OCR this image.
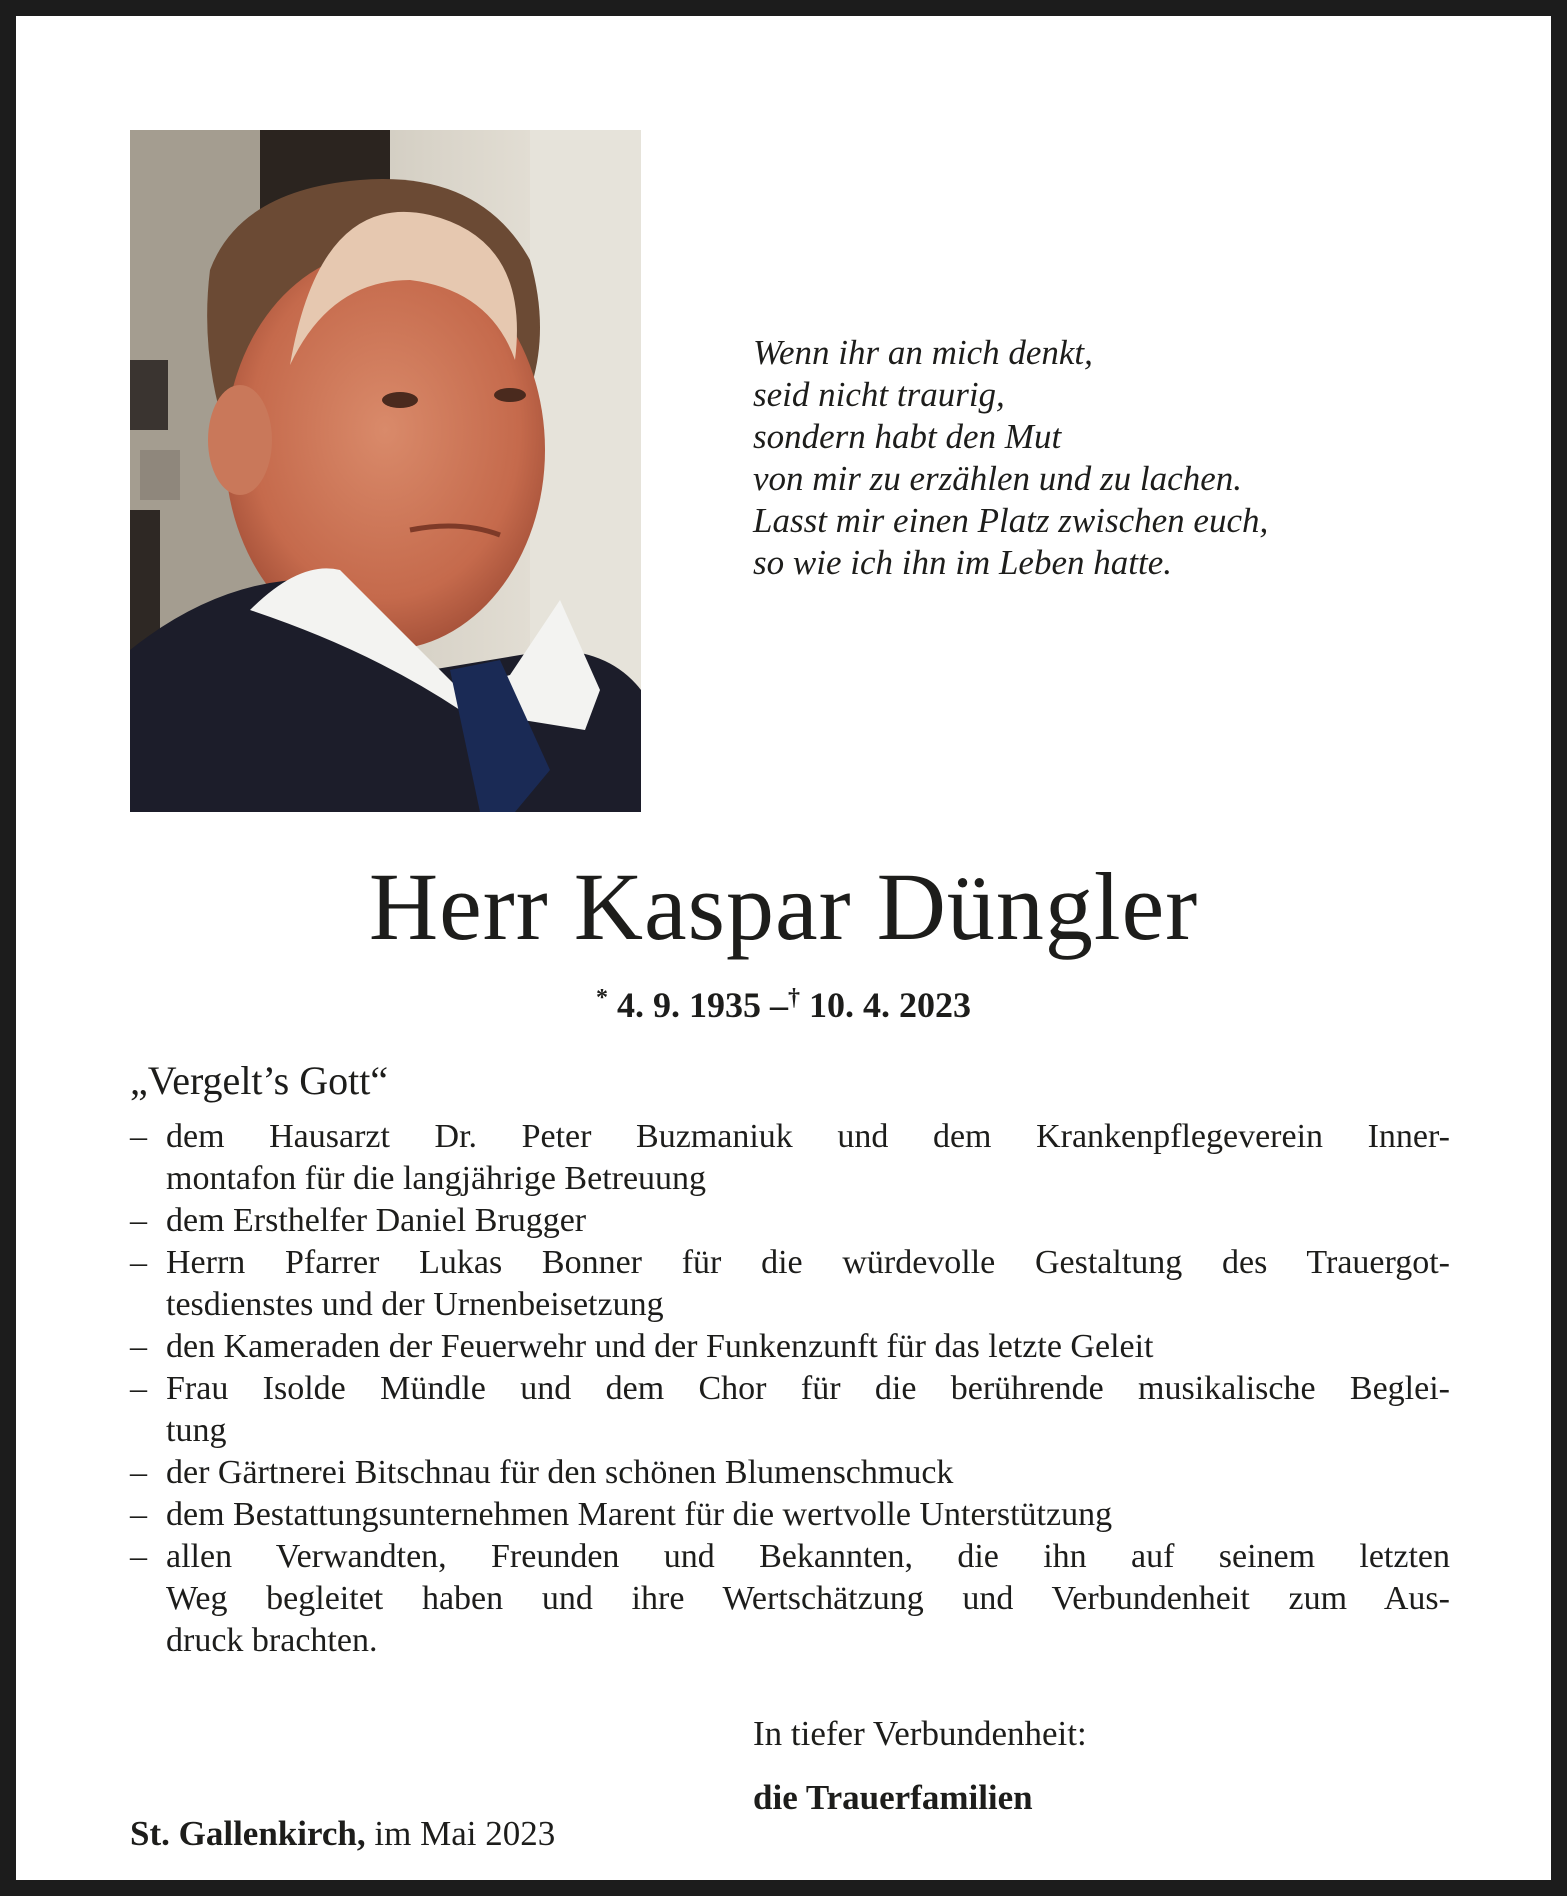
Wenn ihr an mich denkt,
seid nicht traurig,
sondern habt den Mut
von mir zu erzählen und zu lachen.
Lasst mir einen Platz zwischen euch,
so wie ich ihn im Leben hatte.
Herr Kaspar Düngler
* 4. 9. 1935 –† 10. 4. 2023
„Vergelt’s Gott“
– dem Hausarzt Dr. Peter Buzmaniuk und dem Krankenpflegeverein Inner-
montafon für die langjährige Betreuung
– dem Ersthelfer Daniel Brugger
– Herrn Pfarrer Lukas Bonner für die würdevolle Gestaltung des Trauergot-
tesdienstes und der Urnenbeisetzung
– den Kameraden der Feuerwehr und der Funkenzunft für das letzte Geleit
– Frau Isolde Mündle und dem Chor für die berührende musikalische Beglei-
tung
– der Gärtnerei Bitschnau für den schönen Blumenschmuck
– dem Bestattungsunternehmen Marent für die wertvolle Unterstützung
– allen Verwandten, Freunden und Bekannten, die ihn auf seinem letzten
Weg begleitet haben und ihre Wertschätzung und Verbundenheit zum Aus-
druck brachten.
In tiefer Verbundenheit:
die Trauerfamilien
St. Gallenkirch, im Mai 2023
